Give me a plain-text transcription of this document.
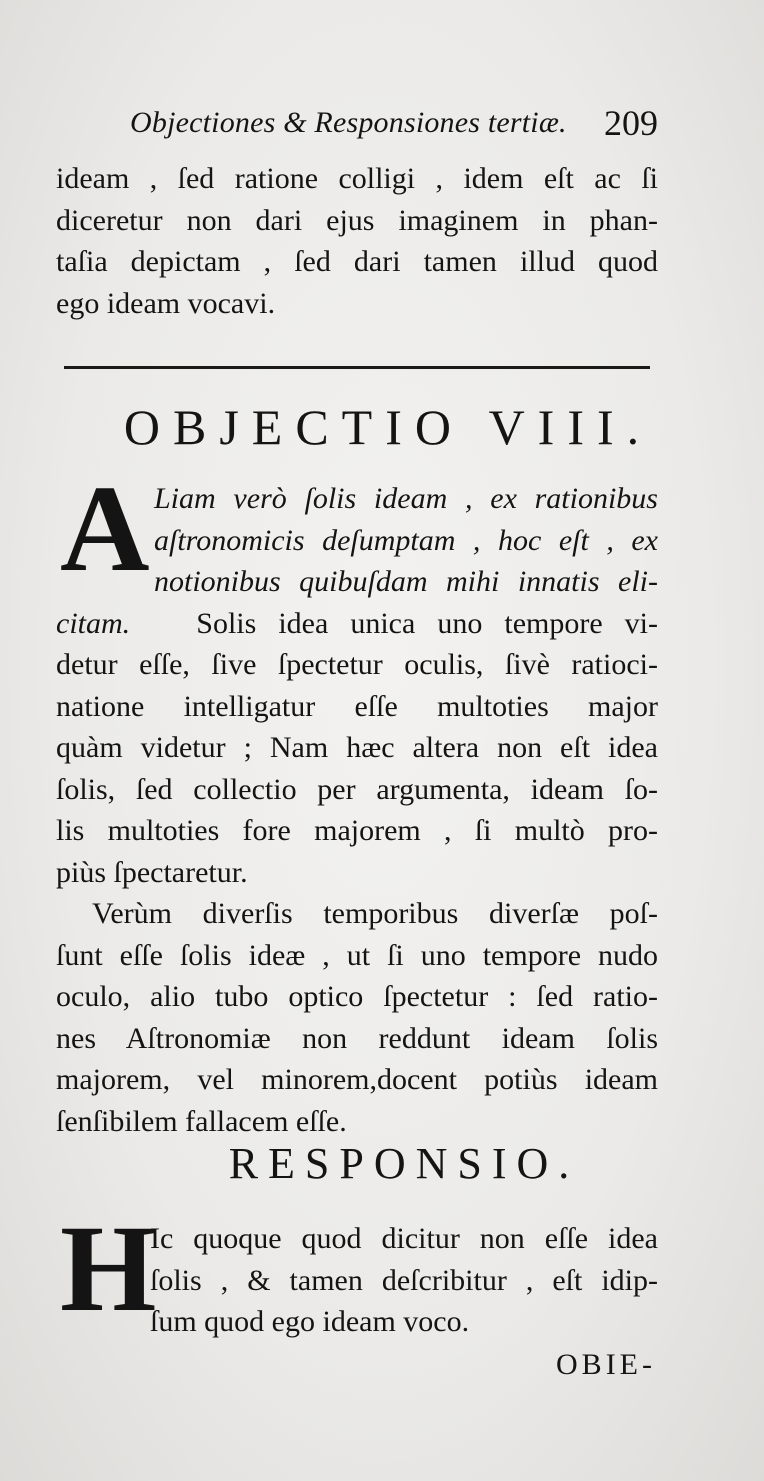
Objectiones & Responsiones tertiæ. 209
ideam , ſed ratione colligi , idem eſt ac ſi
diceretur non dari ejus imaginem in phan-
taſia depictam , ſed dari tamen illud quod
ego ideam vocavi.
OBJECTIO VIII.
A Liam verò ſolis ideam , ex rationibus
aſtronomicis deſumptam , hoc eſt , ex
notionibus quibuſdam mihi innatis eli-
citam. Solis idea unica uno tempore vi-
detur eſſe, ſive ſpectetur oculis, ſivè ratioci-
natione intelligatur eſſe multoties major
quàm videtur ; Nam hæc altera non eſt idea
ſolis, ſed collectio per argumenta, ideam ſo-
lis multoties fore majorem , ſi multò pro-
piùs ſpectaretur.
Verùm diverſis temporibus diverſæ poſ-
ſunt eſſe ſolis ideæ , ut ſi uno tempore nudo
oculo, alio tubo optico ſpectetur : ſed ratio-
nes Aſtronomiæ non reddunt ideam ſolis
majorem, vel minorem,docent potiùs ideam
ſenſibilem fallacem eſſe.
RESPONSIO.
H
Ic quoque quod dicitur non eſſe idea
ſolis , & tamen deſcribitur , eſt idip-
ſum quod ego ideam voco.
OBIE-
